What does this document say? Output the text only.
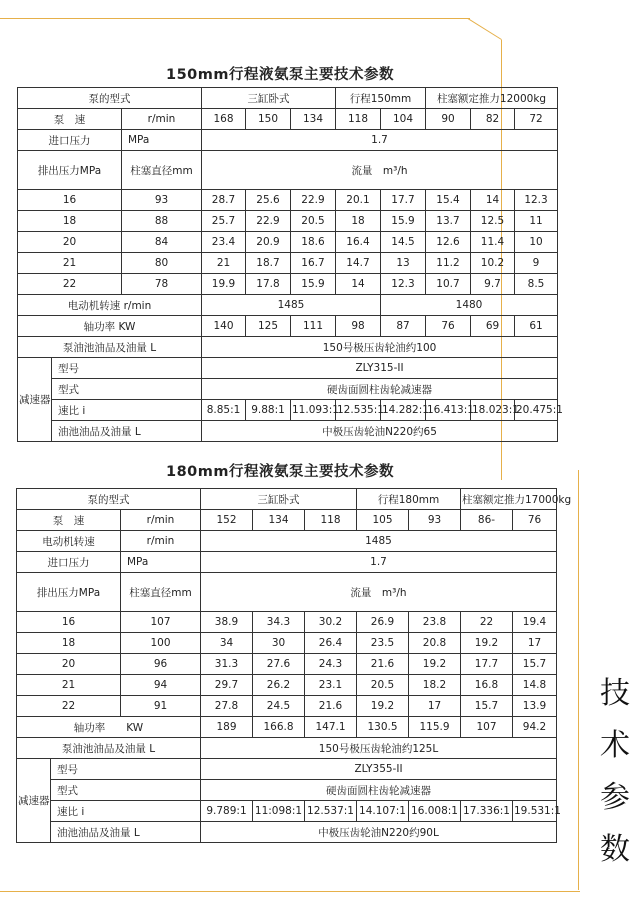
150mm行程液氨泵主要技术参数
泵的型式			三缸卧式			行程150mm		柱塞额定推力12000kg		
泵　速		r/min	168	150	134	118	104	90	82	72
进口压力		MPa	1.7							
排出压力MPa		柱塞直径mm	流量　m³/h							
16		93	28.7	25.6	22.9	20.1	17.7	15.4	14	12.3
18		88	25.7	22.9	20.5	18	15.9	13.7	12.5	11
20		84	23.4	20.9	18.6	16.4	14.5	12.6	11.4	10
21		80	21	18.7	16.7	14.7	13	11.2	10.2	9
22		78	19.9	17.8	15.9	14	12.3	10.7	9.7	8.5
电动机转速 r/min			1485				1480			
轴功率 KW			140	125	111	98	87	76	69	61
泵油池油品及油量 L			150号极压齿轮油约100							
减速器	型号		ZLY315-II							
	型式		硬齿面圆柱齿轮减速器							
	速比 i		8.85:1	9.88:1	11.093:1	12.535:1	14.282:1	16.413:1	18.023:1	20.475:1
	油池油品及油量 L		中极压齿轮油N220约65							
180mm行程液氨泵主要技术参数
泵的型式			三缸卧式			行程180mm		柱塞额定推力17000kg	
泵　速		r/min	152	134	118	105	93	86-	76
电动机转速		r/min	1485						
进口压力		MPa	1.7						
排出压力MPa		柱塞直径mm	流量　m³/h						
16		107	38.9	34.3	30.2	26.9	23.8	22	19.4
18		100	34	30	26.4	23.5	20.8	19.2	17
20		96	31.3	27.6	24.3	21.6	19.2	17.7	15.7
21		94	29.7	26.2	23.1	20.5	18.2	16.8	14.8
22		91	27.8	24.5	21.6	19.2	17	15.7	13.9
轴功率　　KW			189	166.8	147.1	130.5	115.9	107	94.2
泵油池油品及油量 L			150号极压齿轮油约125L						
减速器	型号		ZLY355-II						
	型式		硬齿面圆柱齿轮减速器						
	速比 i		9.789:1	11:098:1	12.537:1	14.107:1	16.008:1	17.336:1	19.531:1
	油池油品及油量 L		中极压齿轮油N220约90L						
技
术
参
数
